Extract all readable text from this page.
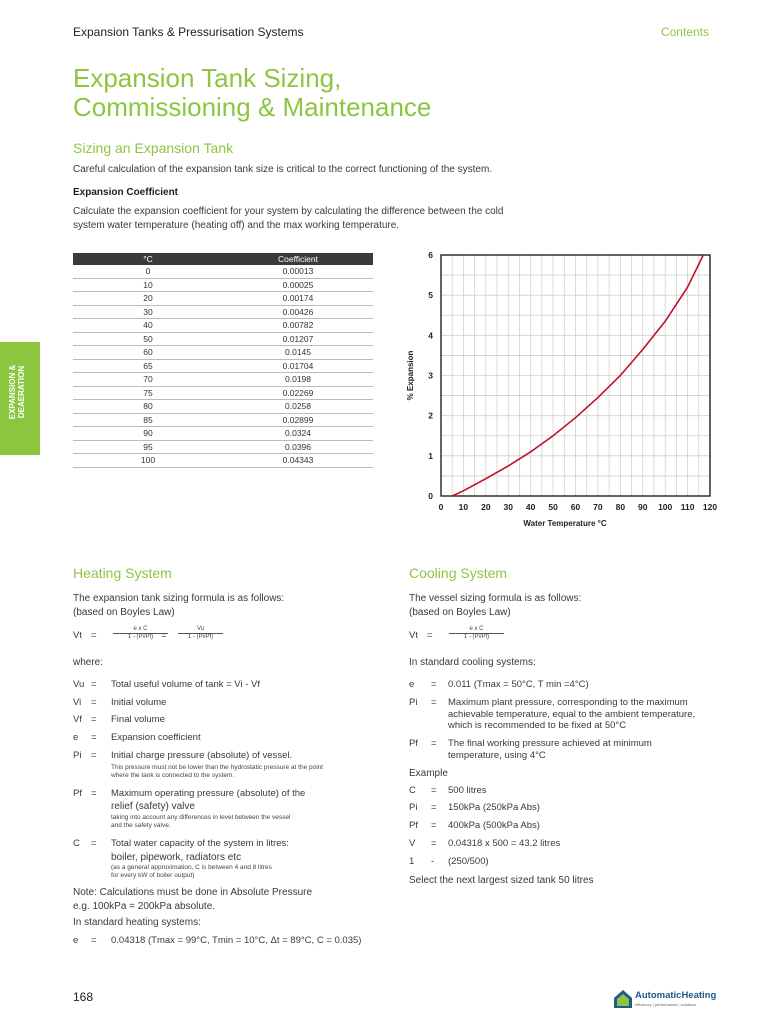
Expansion Tanks & Pressurisation Systems	Contents
Expansion Tank Sizing,
Commissioning & Maintenance
EXPANSION & DEAERATION
Sizing an Expansion Tank
Careful calculation of the expansion tank size is critical to the correct functioning of the system.
Expansion Coefficient
Calculate the expansion coefficient for your system by calculating the difference between the cold
system water temperature (heating off) and the max working temperature.
°C	Coefficient
0	0.00013
10	0.00025
20	0.00174
30	0.00426
40	0.00782
50	0.01207
60	0.0145
65	0.01704
70	0.0198
75	0.02269
80	0.0258
85	0.02899
90	0.0324
95	0.0396
100	0.04343
0 10 20 30 40 50 60 70 80 90 100 110 120
0
1
2
3
4
5
6
Water Temperature °C
% Expansion
Heating System
The expansion tank sizing formula is as follows:
(based on Boyles Law)
Vt =	$\frac{\text{e x C}}{1 - (Pi/Pf)}$
= $\frac{Vu}{1 - (Pi/Pf)}$
where:
Vu = Total useful volume of tank = Vi - Vf
Vi	= Initial volume
Vf = Final volume
e	= Expansion coefficient
Pi	= Initial charge pressure (absolute) of vessel.
Pf = Maximum operating pressure (absolute) of the
C	= Total water capacity of the system in litres:
This pressure must not be lower than the hydrostatic pressure at the point
where the tank is connected to the system.
relief (safety) valve
taking into account any differences in level between the vessel
and the safety valve.
boiler, pipework, radiators etc
(as a general approximation, C is between 4 and 8 litres
for every kW of boiler output)
Note: Calculations must be done in Absolute Pressure
e.g. 100kPa = 200kPa absolute.
In standard heating systems:
e	= 0.04318 (Tmax = 99°C, Tmin = 10°C, Δt = 89°C, C = 0.035)
Cooling System
The vessel sizing formula is as follows:
(based on Boyles Law)
Vt =	$\frac{\text{e x C}}{1 - (Pi/Pf)}$
In standard cooling systems:
e	= 0.011 (Tmax = 50°C, T min =4°C)
Pi	= Maximum plant pressure, corresponding to the maximum
achievable temperature, equal to the ambient temperature,
which is recommended to be fixed at 50°C
Pf	= The final working pressure achieved at minimum
temperature, using 4°C
Example
C	= 500 litres
Pi	= 150kPa (250kPa Abs)
Pf	= 400kPa (500kPa Abs)
V	= 0.04318 x 500 = 43.2 litres
1	- (250/500)
Select the next largest sized tank 50 litres
168	AutomaticHeating
efficiency | performance | solutions
